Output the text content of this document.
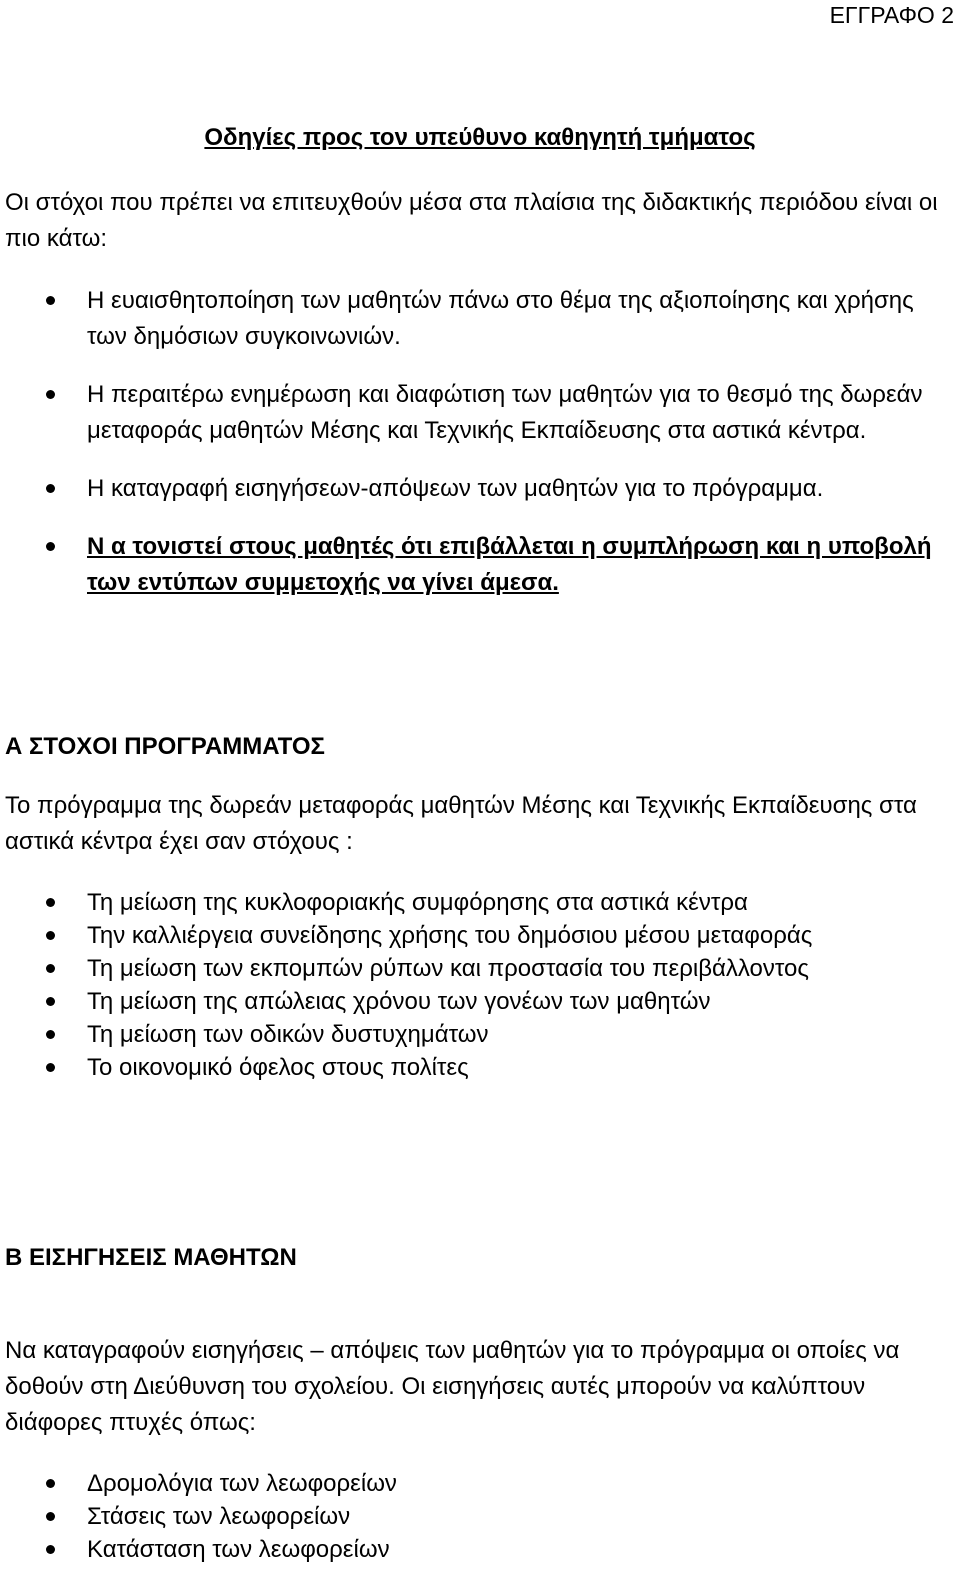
ΕΓΓΡΑΦΟ 2
Οδηγίες προς τον υπεύθυνο καθηγητή τμήματος

Οι στόχοι που πρέπει να επιτευχθούν μέσα στα πλαίσια της διδακτικής περιόδου είναι οι πιο κάτω:

Η ευαισθητοποίηση των μαθητών πάνω στο θέμα της αξιοποίησης και χρήσης των δημόσιων συγκοινωνιών.
Η περαιτέρω ενημέρωση και διαφώτιση των μαθητών για το θεσμό της δωρεάν μεταφοράς μαθητών Μέσης και Τεχνικής Εκπαίδευσης στα αστικά κέντρα.
Η καταγραφή εισηγήσεων-απόψεων των μαθητών για το πρόγραμμα.
Ν α τονιστεί στους μαθητές ότι επιβάλλεται η συμπλήρωση και η υποβολή των εντύπων συμμετοχής να γίνει άμεσα.
Α ΣΤΟΧΟΙ ΠΡΟΓΡΑΜΜΑΤΟΣ

Το πρόγραμμα της δωρεάν μεταφοράς μαθητών Μέσης και Τεχνικής Εκπαίδευσης στα αστικά κέντρα έχει σαν στόχους :

Τη μείωση της κυκλοφοριακής συμφόρησης στα αστικά κέντρα
Την καλλιέργεια συνείδησης χρήσης του δημόσιου μέσου μεταφοράς
Τη μείωση των εκπομπών ρύπων και προστασία του περιβάλλοντος
Τη μείωση της απώλειας χρόνου των γονέων των μαθητών
Τη μείωση των οδικών δυστυχημάτων
Το οικονομικό όφελος στους πολίτες
Β ΕΙΣΗΓΗΣΕΙΣ ΜΑΘΗΤΩΝ

Να καταγραφούν εισηγήσεις – απόψεις των μαθητών για το πρόγραμμα οι οποίες να δοθούν στη Διεύθυνση του σχολείου. Οι εισηγήσεις αυτές μπορούν να καλύπτουν διάφορες πτυχές όπως:

Δρομολόγια των λεωφορείων
Στάσεις των λεωφορείων
Κατάσταση των λεωφορείων
